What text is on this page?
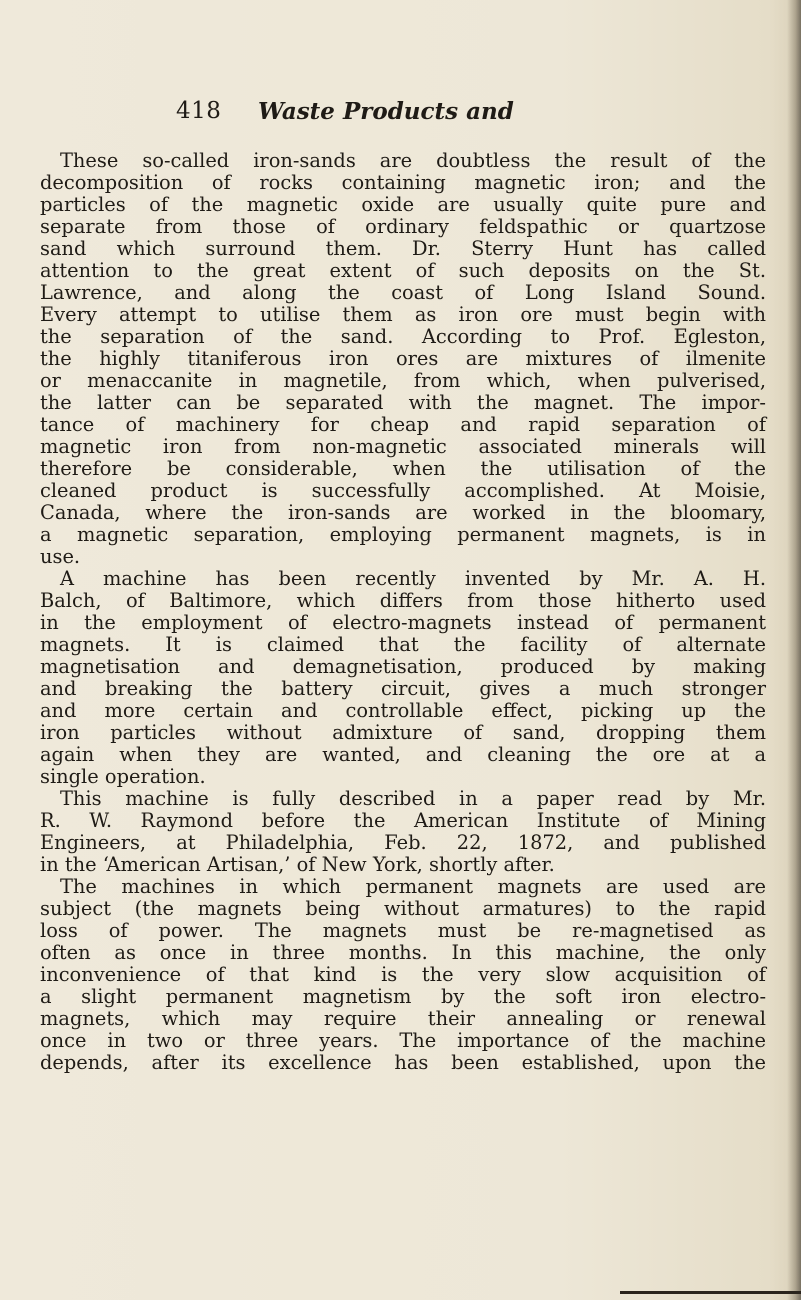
418 Waste Products and
These so-called iron-sands are doubtless the result of the
decomposition of rocks containing magnetic iron; and the
particles of the magnetic oxide are usually quite pure and
separate from those of ordinary feldspathic or quartzose
sand which surround them. Dr. Sterry Hunt has called
attention to the great extent of such deposits on the St.
Lawrence, and along the coast of Long Island Sound.
Every attempt to utilise them as iron ore must begin with
the separation of the sand. According to Prof. Egleston,
the highly titaniferous iron ores are mixtures of ilmenite
or menaccanite in magnetile, from which, when pulverised,
the latter can be separated with the magnet. The impor-
tance of machinery for cheap and rapid separation of
magnetic iron from non-magnetic associated minerals will
therefore be considerable, when the utilisation of the
cleaned product is successfully accomplished. At Moisie,
Canada, where the iron-sands are worked in the bloomary,
a magnetic separation, employing permanent magnets, is in
use.
A machine has been recently invented by Mr. A. H.
Balch, of Baltimore, which differs from those hitherto used
in the employment of electro-magnets instead of permanent
magnets. It is claimed that the facility of alternate
magnetisation and demagnetisation, produced by making
and breaking the battery circuit, gives a much stronger
and more certain and controllable effect, picking up the
iron particles without admixture of sand, dropping them
again when they are wanted, and cleaning the ore at a
single operation.
This machine is fully described in a paper read by Mr.
R. W. Raymond before the American Institute of Mining
Engineers, at Philadelphia, Feb. 22, 1872, and published
in the ‘American Artisan,’ of New York, shortly after.
The machines in which permanent magnets are used are
subject (the magnets being without armatures) to the rapid
loss of power. The magnets must be re-magnetised as
often as once in three months. In this machine, the only
inconvenience of that kind is the very slow acquisition of
a slight permanent magnetism by the soft iron electro-
magnets, which may require their annealing or renewal
once in two or three years. The importance of the machine
depends, after its excellence has been established, upon the
